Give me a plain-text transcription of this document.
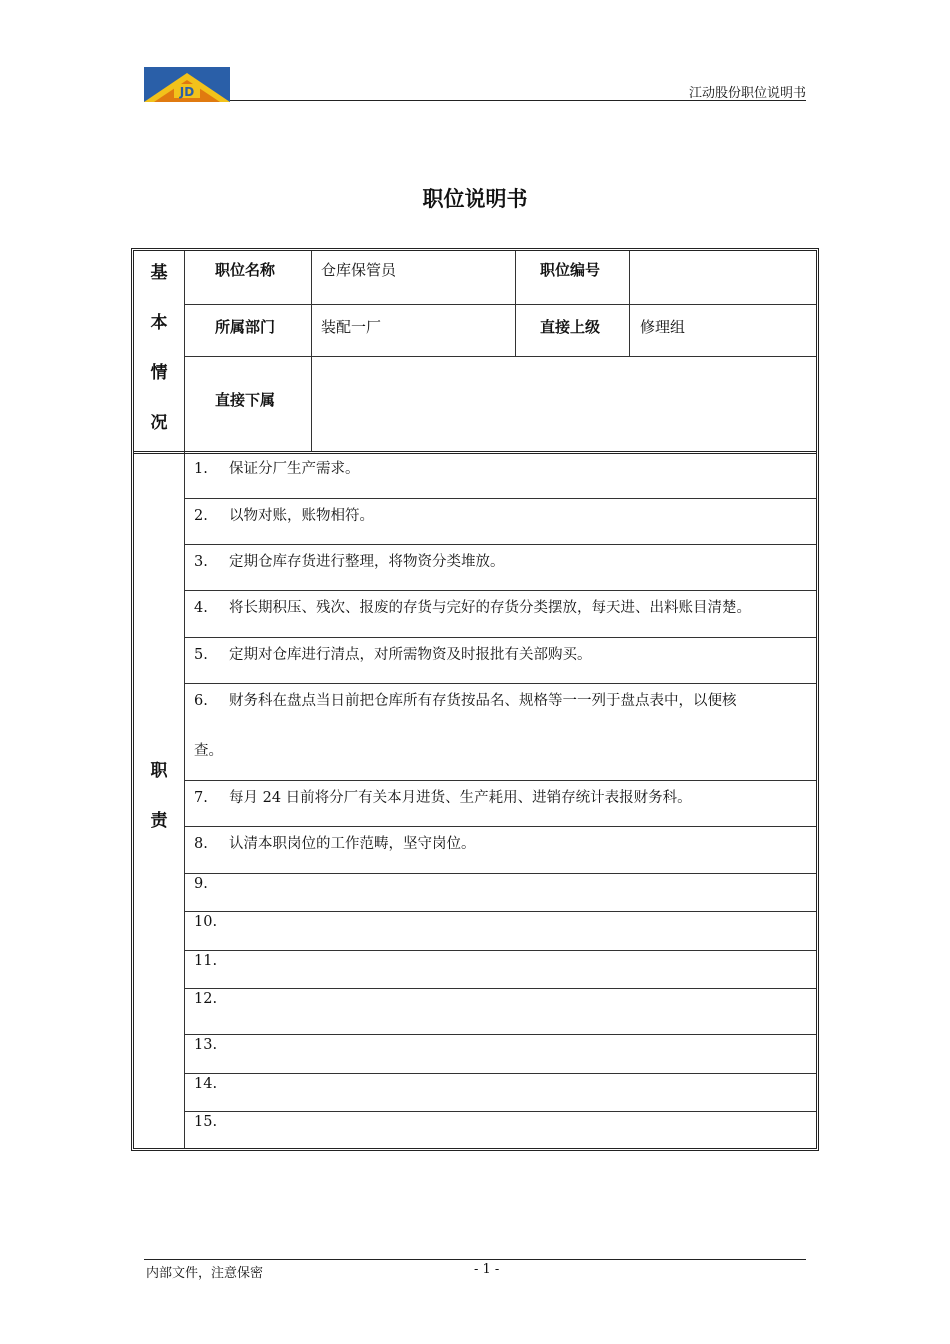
JD	江动股份职位说明书
职位说明书
基
本
情
况
职位名称	仓库保管员	职位编号
所属部门	装配一厂	直接上级	修理组
直接下属
职
责
1. 保证分厂生产需求。
2. 以物对账，账物相符。
3. 定期仓库存货进行整理，将物资分类堆放。
4. 将长期积压、残次、报废的存货与完好的存货分类摆放，每天进、出料账目清楚。
5. 定期对仓库进行清点，对所需物资及时报批有关部购买。
6. 财务科在盘点当日前把仓库所有存货按品名、规格等一一列于盘点表中，以便核
查。
7. 每月 24 日前将分厂有关本月进货、生产耗用、进销存统计表报财务科。
8. 认清本职岗位的工作范畴，坚守岗位。
9.
10.
11.
12.
13.
14.
15.
内部文件，注意保密	- 1 -
